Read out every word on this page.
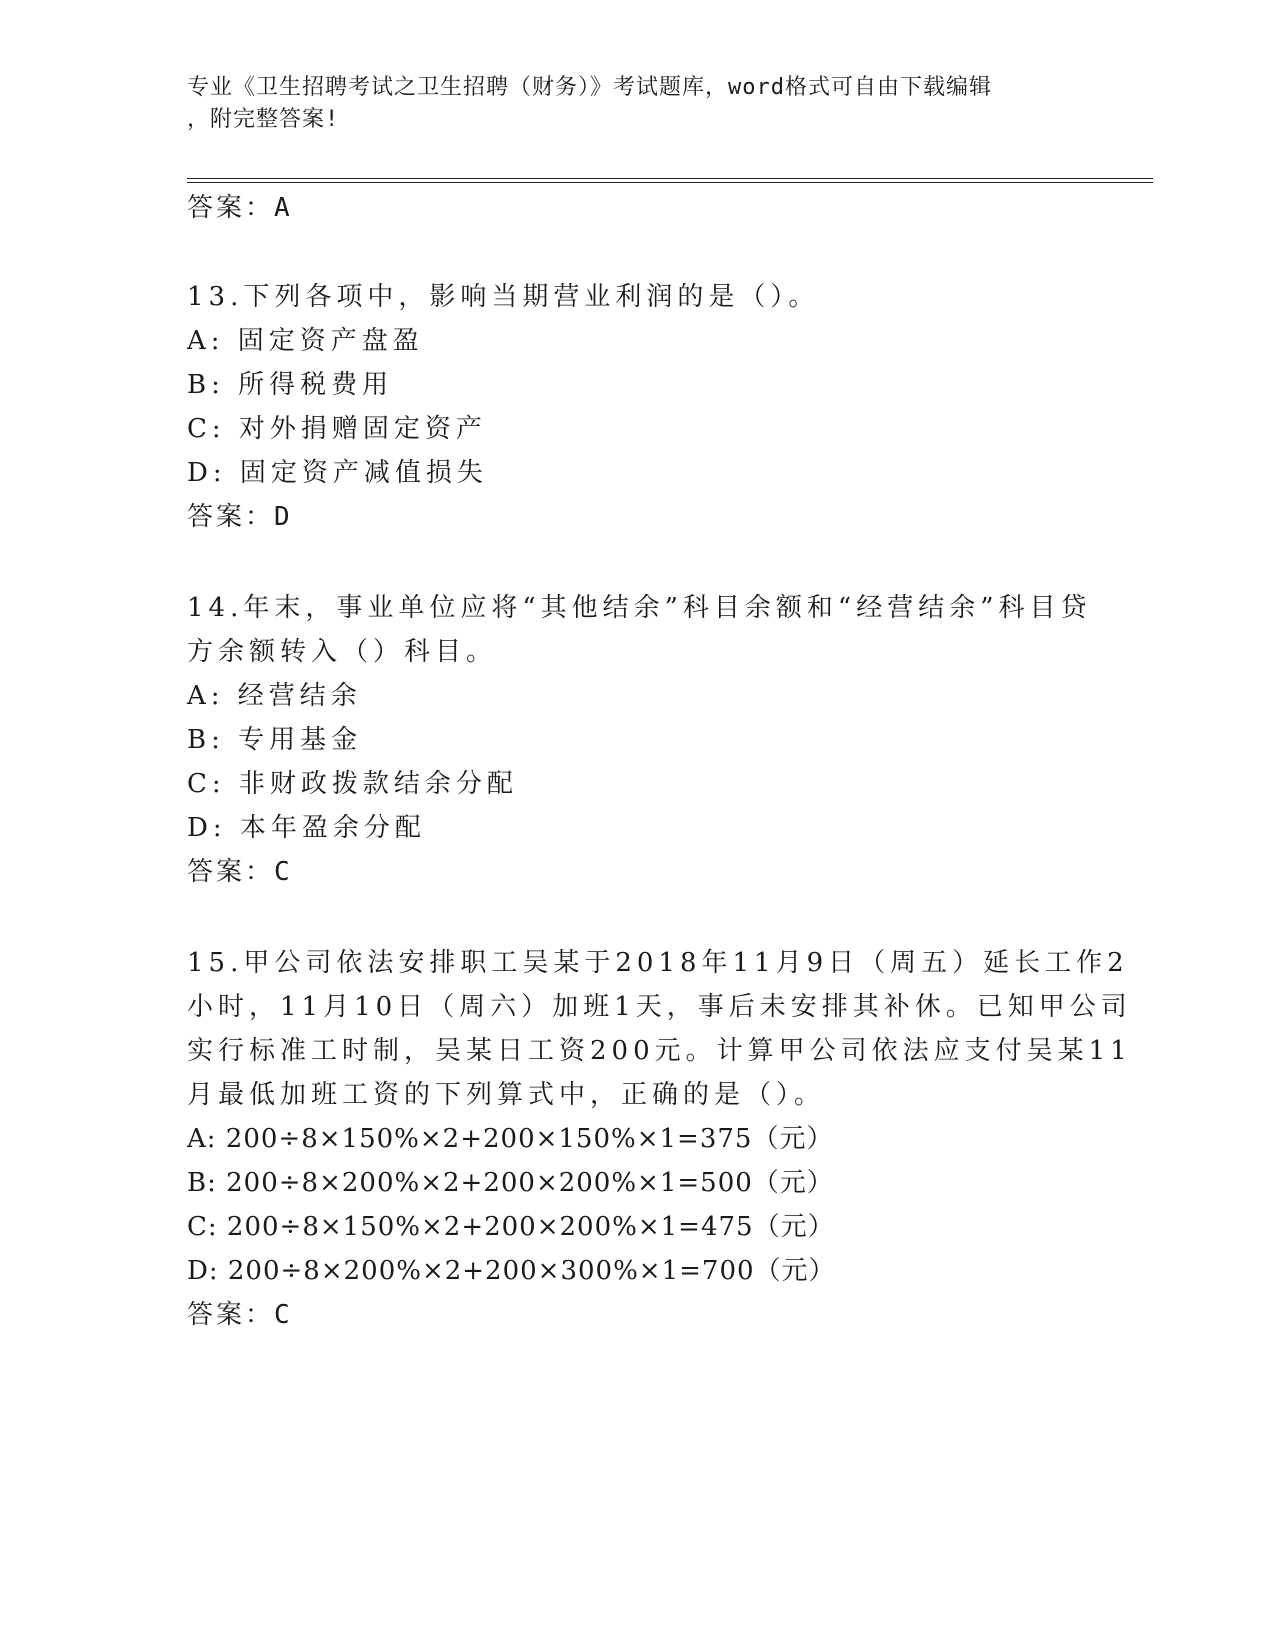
专业《卫生招聘考试之卫生招聘（财务）》考试题库，word格式可自由下载编辑
，附完整答案!
答案：A
13.下列各项中，影响当期营业利润的是（）。
A: 固定资产盘盈
B: 所得税费用
C: 对外捐赠固定资产
D: 固定资产减值损失
答案：D
14.年末，事业单位应将“其他结余”科目余额和“经营结余”科目贷
方余额转入（）科目。
A: 经营结余
B: 专用基金
C: 非财政拨款结余分配
D: 本年盈余分配
答案：C
15.甲公司依法安排职工吴某于2018年11月9日（周五）延长工作2
小时，11月10日（周六）加班1天，事后未安排其补休。已知甲公司
实行标准工时制，吴某日工资200元。计算甲公司依法应支付吴某11
月最低加班工资的下列算式中，正确的是（）。
A: 200÷8×150%×2+200×150%×1=375（元）
B: 200÷8×200%×2+200×200%×1=500（元）
C: 200÷8×150%×2+200×200%×1=475（元）
D: 200÷8×200%×2+200×300%×1=700（元）
答案：C
